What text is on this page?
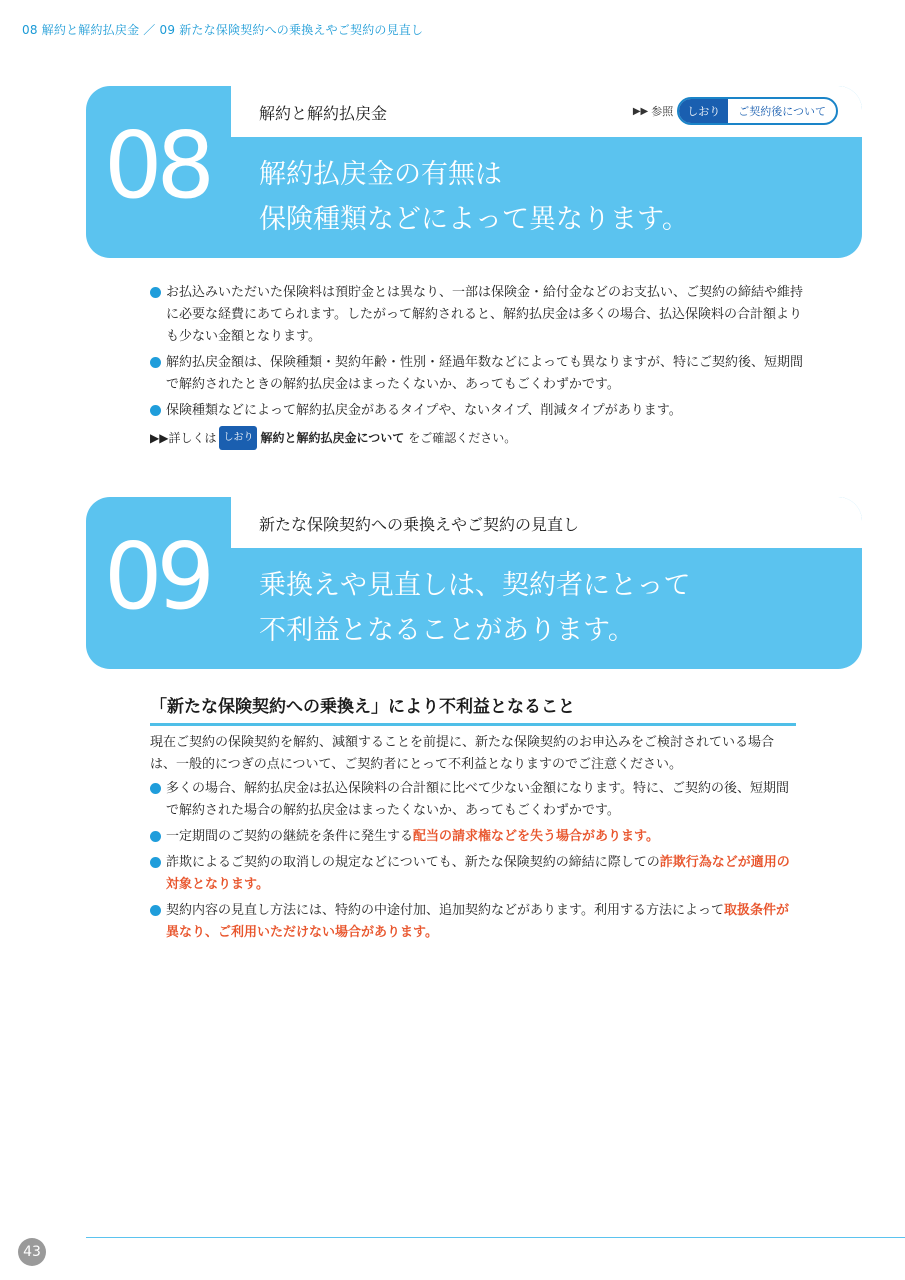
08 解約と解約払戻金 ／ 09 新たな保険契約への乗換えやご契約の見直し
08	解約と解約払戻金	▶▶ 参照	しおり	ご契約後について
解約払戻金の有無は
保険種類などによって異なります。
お払込みいただいた保険料は預貯金とは異なり、一部は保険金・給付金などのお支払い、ご契約の締結や維持に必要な経費にあてられます。したがって解約されると、解約払戻金は多くの場合、払込保険料の合計額よりも少ない金額となります。
解約払戻金額は、保険種類・契約年齢・性別・経過年数などによっても異なりますが、特にご契約後、短期間で解約されたときの解約払戻金はまったくないか、あってもごくわずかです。
保険種類などによって解約払戻金があるタイプや、ないタイプ、削減タイプがあります。
▶▶詳しくは しおり 解約と解約払戻金について をご確認ください。
09	新たな保険契約への乗換えやご契約の見直し
乗換えや見直しは、契約者にとって
不利益となることがあります。
「新たな保険契約への乗換え」により不利益となること
現在ご契約の保険契約を解約、減額することを前提に、新たな保険契約のお申込みをご検討されている場合は、一般的につぎの点について、ご契約者にとって不利益となりますのでご注意ください。
多くの場合、解約払戻金は払込保険料の合計額に比べて少ない金額になります。特に、ご契約の後、短期間で解約された場合の解約払戻金はまったくないか、あってもごくわずかです。
一定期間のご契約の継続を条件に発生する配当の請求権などを失う場合があります。
詐欺によるご契約の取消しの規定などについても、新たな保険契約の締結に際しての詐欺行為などが適用の対象となります。
契約内容の見直し方法には、特約の中途付加、追加契約などがあります。利用する方法によって取扱条件が異なり、ご利用いただけない場合があります。
43
